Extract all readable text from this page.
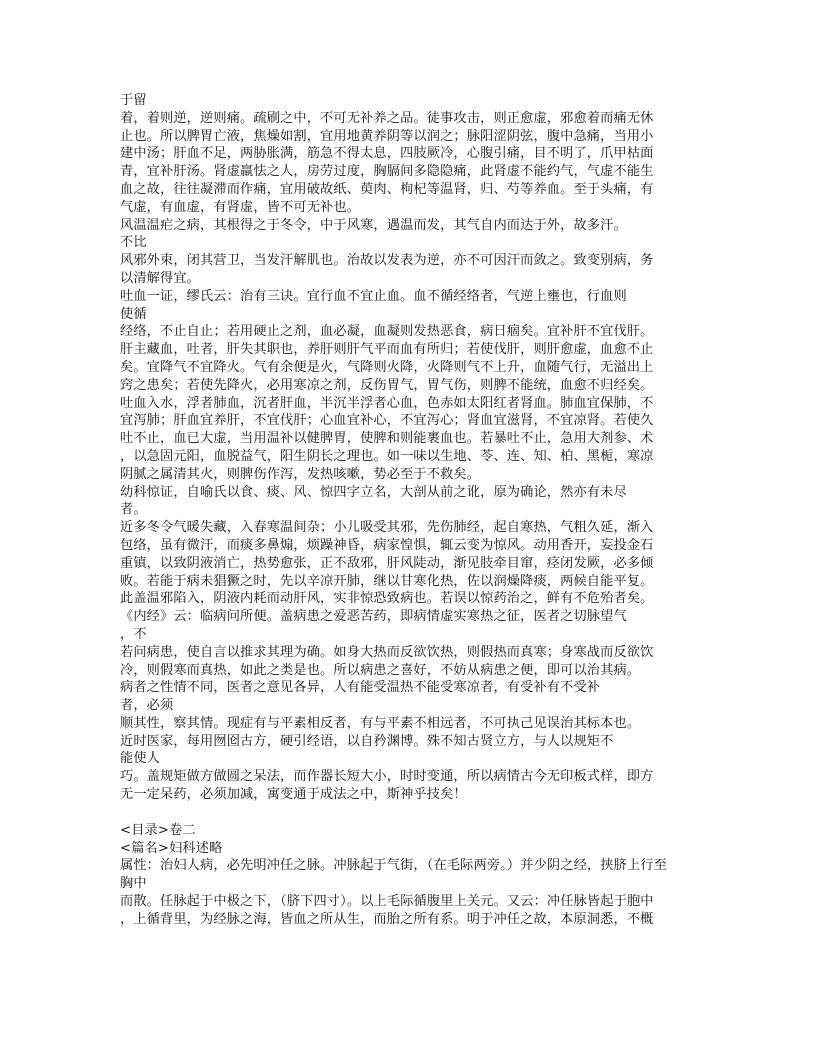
于留
着，着则逆，逆则痛。疏刷之中，不可无补养之品。徒事攻击，则正愈虚，邪愈着而痛无休
止也。所以脾胃亡液，焦燥如割，宜用地黄养阴等以润之；脉阳涩阴弦，腹中急痛，当用小
建中汤；肝血不足，两胁胀满，筋急不得太息，四肢厥冷，心腹引痛，目不明了，爪甲枯面
青，宜补肝汤。肾虚羸怯之人，房劳过度，胸膈间多隐隐痛，此肾虚不能约气，气虚不能生
血之故，往往凝滞而作痛，宜用破故纸、萸肉、枸杞等温肾，归、芍等养血。至于头痛，有
气虚，有血虚，有肾虚，皆不可无补也。
风温温疟之病，其根得之于冬令，中于风寒，遇温而发，其气自内而达于外，故多汗。
不比
风邪外束，闭其营卫，当发汗解肌也。治故以发表为逆，亦不可因汗而敛之。致变别病，务
以清解得宜。
吐血一证，缪氏云：治有三诀。宜行血不宜止血。血不循经络者，气逆上壅也，行血则
使循
经络，不止自止；若用硬止之剂，血必凝，血凝则发热恶食，病日痼矣。宜补肝不宜伐肝。
肝主藏血，吐者，肝失其职也，养肝则肝气平而血有所归；若使伐肝，则肝愈虚，血愈不止
矣。宜降气不宜降火。气有余便是火，气降则火降，火降则气不上升，血随气行，无溢出上
窍之患矣；若使先降火，必用寒凉之剂，反伤胃气，胃气伤，则脾不能统，血愈不归经矣。
吐血入水，浮者肺血，沉者肝血，半沉半浮者心血，色赤如太阳红者肾血。肺血宜保肺，不
宜泻肺；肝血宜养肝，不宜伐肝；心血宜补心，不宜泻心；肾血宜滋肾，不宜凉肾。若使久
吐不止，血已大虚，当用温补以健脾胃，使脾和则能裹血也。若暴吐不止，急用大剂参、术
，以急固元阳，血脱益气，阳生阴长之理也。如一味以生地、苓、连、知、柏、黑栀，寒凉
阴腻之属清其火，则脾伤作泻，发热咳嗽，势必至于不救矣。
幼科惊证，自喻氏以食、痰、风、惊四字立名，大剖从前之讹，原为确论，然亦有未尽
者。
近多冬令气暖失藏，入春寒温间杂；小儿吸受其邪，先伤肺经，起自寒热，气粗久延，渐入
包络，虽有微汗，而痰多鼻煽，烦躁神昏，病家惶惧，辄云变为惊风。动用香开，妄投金石
重镇，以致阴液消亡，热势愈张，正不敌邪，肝风陡动，渐见肢牵目窜，痉闭发厥，必多倾
败。若能于病未猖獗之时，先以辛凉开肺，继以甘寒化热，佐以润燥降痰，两候自能平复。
此盖温邪陷入，阴液内耗而动肝风，实非惊恐致病也。若误以惊药治之，鲜有不危殆者矣。
《内经》云：临病问所便。盖病患之爱恶苦药，即病情虚实寒热之征，医者之切脉望气
，不
若问病患，使自言以推求其理为确。如身大热而反欲饮热，则假热而真寒；身寒战而反欲饮
冷，则假寒而真热，如此之类是也。所以病患之喜好，不妨从病患之便，即可以治其病。
病者之性情不同，医者之意见各异，人有能受温热不能受寒凉者，有受补有不受补
者，必须
顺其性，察其情。现症有与平素相反者，有与平素不相远者，不可执己见误治其标本也。
近时医家，每用囫囵古方，硬引经语，以自矜渊博。殊不知古贤立方，与人以规矩不
能使人
巧。盖规矩做方做圆之呆法，而作器长短大小，时时变通，所以病情古今无印板式样，即方
无一定呆药，必须加减，寓变通于成法之中，斯神乎技矣！
<目录>卷二
<篇名>妇科述略
属性：治妇人病，必先明冲任之脉。冲脉起于气街，（在毛际两旁。）并少阴之经，挟脐上行至
胸中
而散。任脉起于中极之下，（脐下四寸）。以上毛际循腹里上关元。又云：冲任脉皆起于胞中
，上循背里，为经脉之海，皆血之所从生，而胎之所有系。明于冲任之故，本原洞悉，不概
